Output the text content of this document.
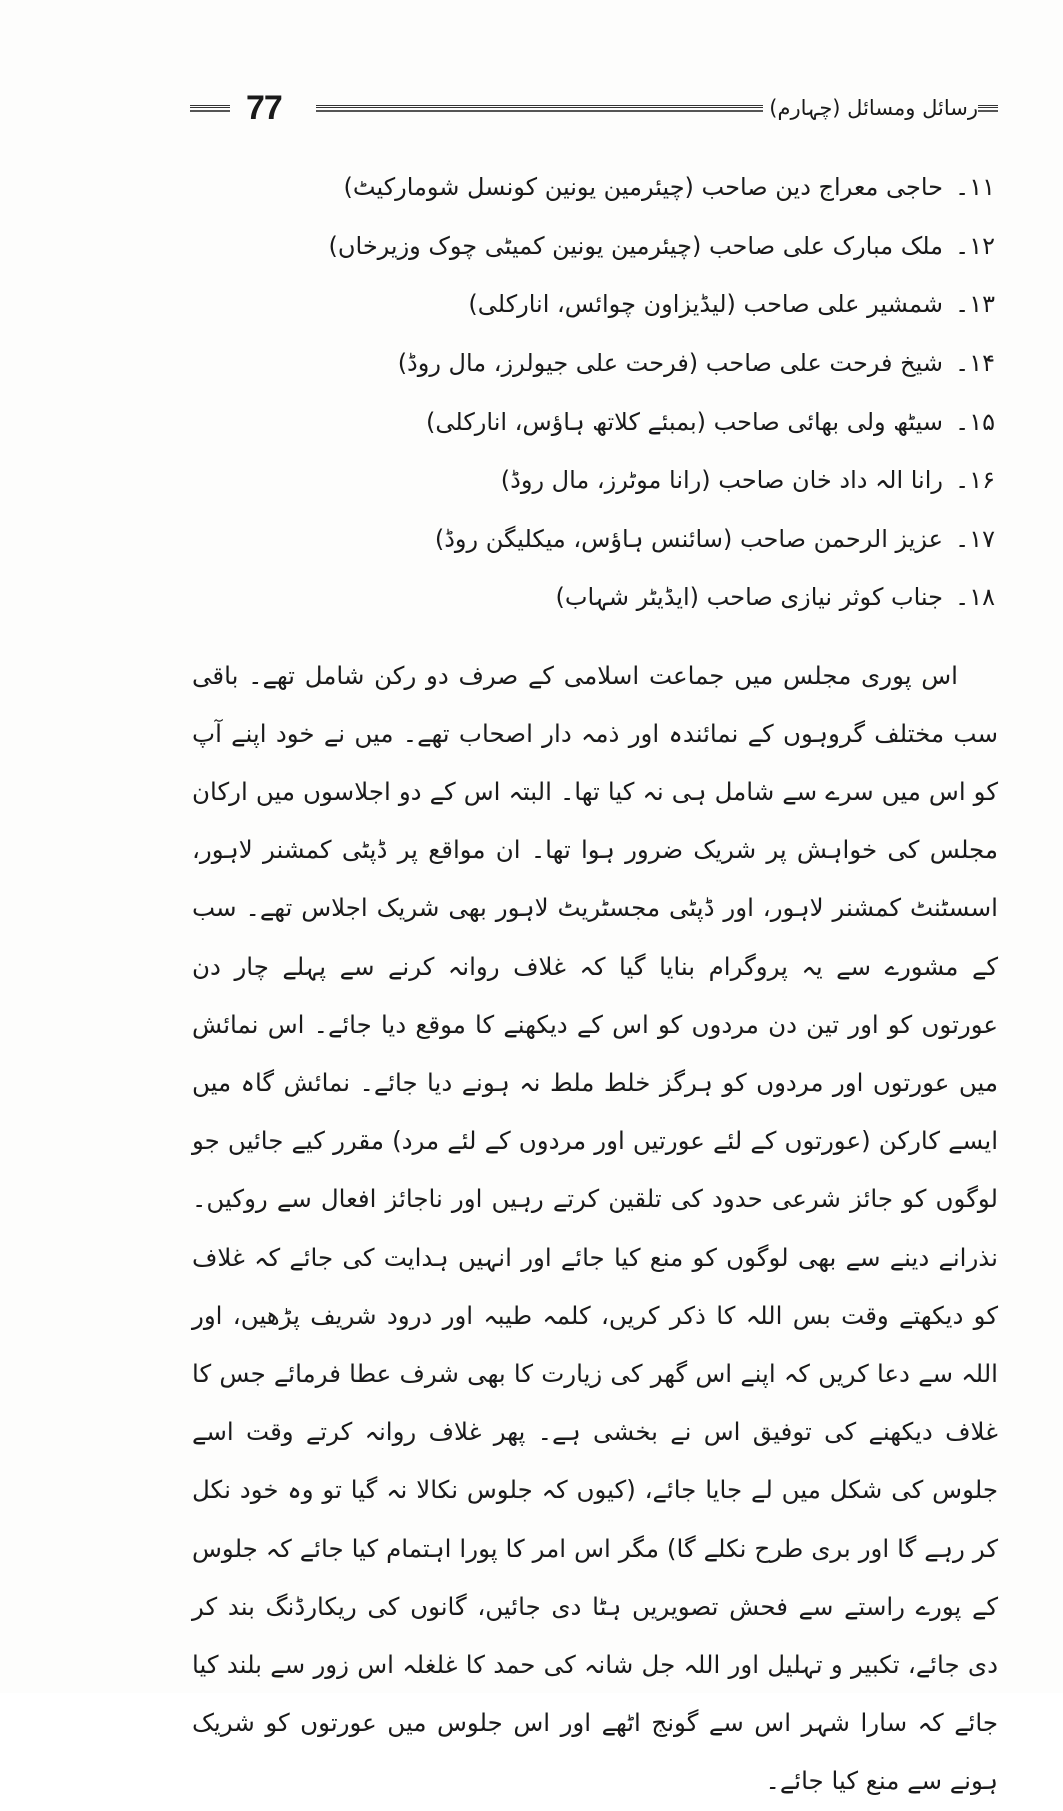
77	رسائل ومسائل (چہارم)
۱۱۔
حاجی معراج دین صاحب (چیئرمین یونین کونسل شومارکیٹ)
۱۲۔
ملک مبارک علی صاحب (چیئرمین یونین کمیٹی چوک وزیرخاں)
۱۳۔
شمشیر علی صاحب (لیڈیزاون چوائس، انارکلی)
۱۴۔
شیخ فرحت علی صاحب (فرحت علی جیولرز، مال روڈ)
۱۵۔
سیٹھ ولی بھائی صاحب (بمبئے کلاتھ ہاؤس، انارکلی)
۱۶۔
رانا الہ داد خان صاحب (رانا موٹرز، مال روڈ)
۱۷۔
عزیز الرحمن صاحب (سائنس ہاؤس، میکلیگن روڈ)
۱۸۔
جناب کوثر نیازی صاحب (ایڈیٹر شہاب)

اس پوری مجلس میں جماعت اسلامی کے صرف دو رکن شامل تھے۔ باقی سب مختلف گروہوں کے نمائندہ اور ذمہ دار اصحاب تھے۔ میں نے خود اپنے آپ کو اس میں سرے سے شامل ہی نہ کیا تھا۔ البتہ اس کے دو اجلاسوں میں ارکان مجلس کی خواہش پر شریک ضرور ہوا تھا۔ ان مواقع پر ڈپٹی کمشنر لاہور، اسسٹنٹ کمشنر لاہور، اور ڈپٹی مجسٹریٹ لاہور بھی شریک اجلاس تھے۔ سب کے مشورے سے یہ پروگرام بنایا گیا کہ غلاف روانہ کرنے سے پہلے چار دن عورتوں کو اور تین دن مردوں کو اس کے دیکھنے کا موقع دیا جائے۔ اس نمائش میں عورتوں اور مردوں کو ہرگز خلط ملط نہ ہونے دیا جائے۔ نمائش گاہ میں ایسے کارکن (عورتوں کے لئے عورتیں اور مردوں کے لئے مرد) مقرر کیے جائیں جو لوگوں کو جائز شرعی حدود کی تلقین کرتے رہیں اور ناجائز افعال سے روکیں۔ نذرانے دینے سے بھی لوگوں کو منع کیا جائے اور انہیں ہدایت کی جائے کہ غلاف کو دیکھتے وقت بس اللہ کا ذکر کریں، کلمہ طیبہ اور درود شریف پڑھیں، اور اللہ سے دعا کریں کہ اپنے اس گھر کی زیارت کا بھی شرف عطا فرمائے جس کا غلاف دیکھنے کی توفیق اس نے بخشی ہے۔ پھر غلاف روانہ کرتے وقت اسے جلوس کی شکل میں لے جایا جائے، (کیوں کہ جلوس نکالا نہ گیا تو وہ خود نکل کر رہے گا اور بری طرح نکلے گا) مگر اس امر کا پورا اہتمام کیا جائے کہ جلوس کے پورے راستے سے فحش تصویریں ہٹا دی جائیں، گانوں کی ریکارڈنگ بند کر دی جائے، تکبیر و تہلیل اور اللہ جل شانہ کی حمد کا غلغلہ اس زور سے بلند کیا جائے کہ سارا شہر اس سے گونج اٹھے اور اس جلوس میں عورتوں کو شریک ہونے سے منع کیا جائے۔
